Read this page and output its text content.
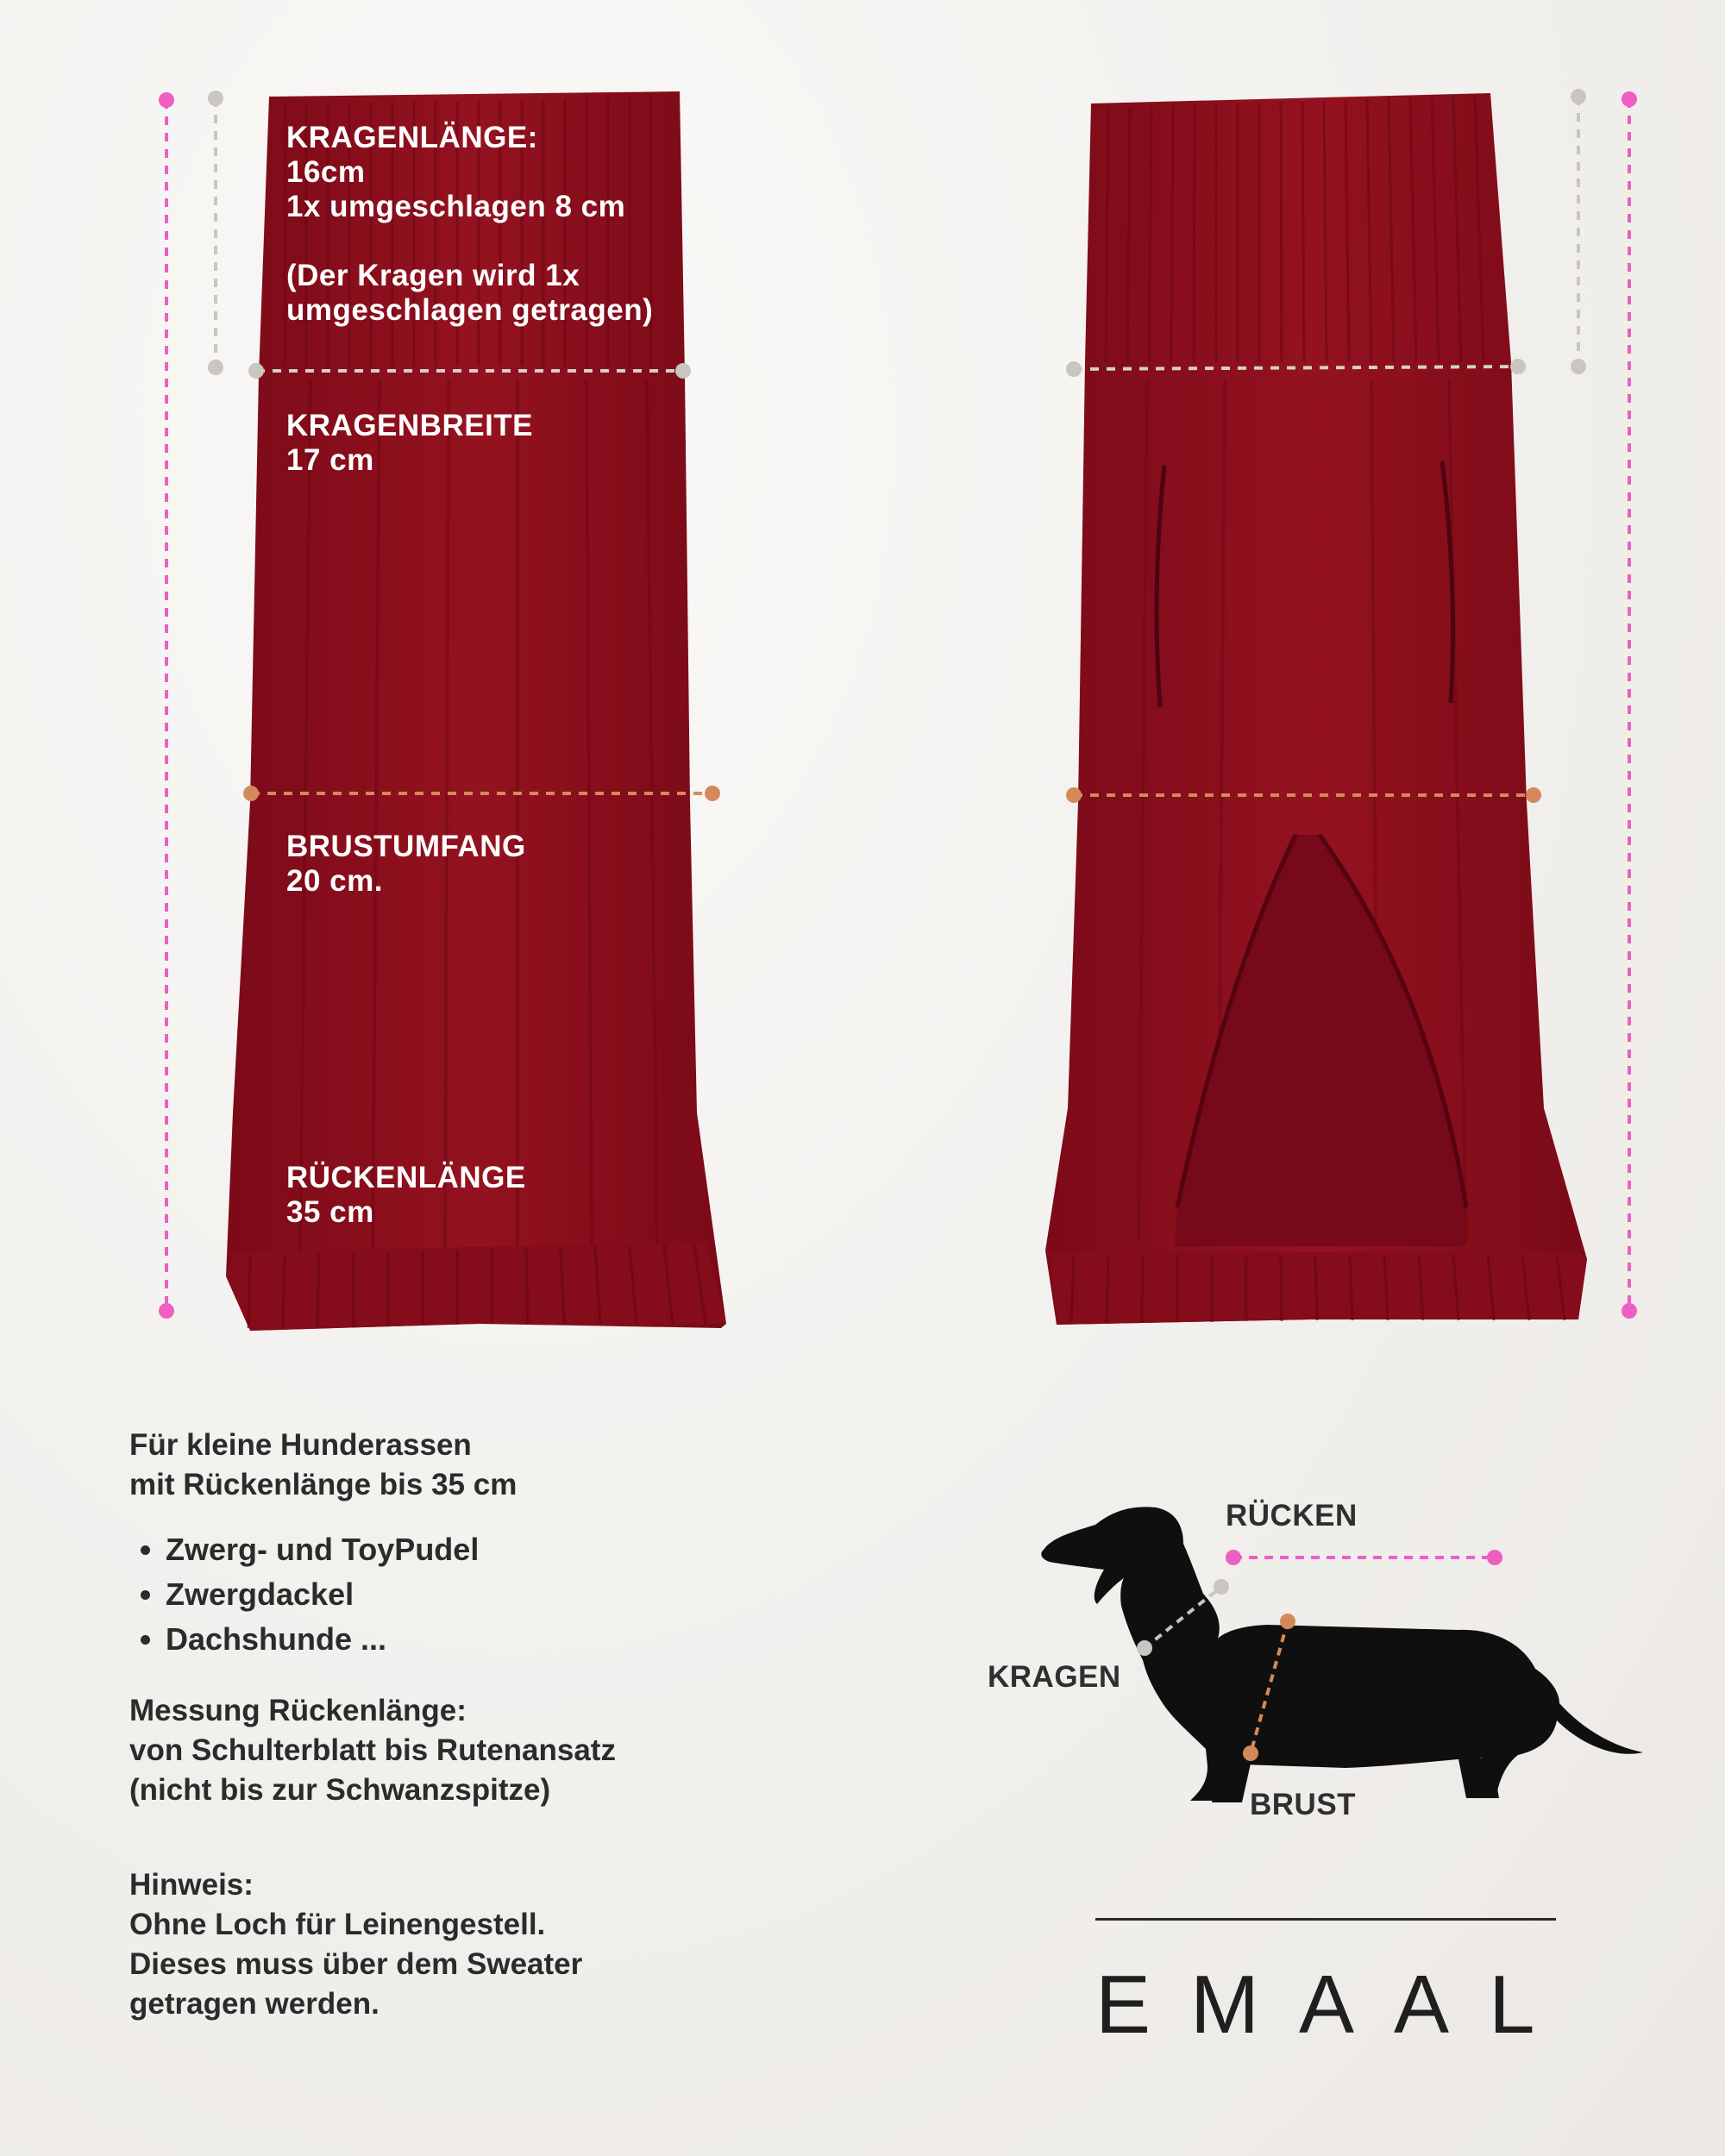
KRAGENLÄNGE:
16cm
1x umgeschlagen 8 cm

(Der Kragen wird 1x
umgeschlagen getragen)
KRAGENBREITE
17 cm
BRUSTUMFANG
20 cm.
RÜCKENLÄNGE
35 cm

Für kleine Hunderassen

mit Rückenlänge bis 35 cm

• Zwerg- und ToyPudel
• Zwergdackel
• Dachshunde ...

Messung Rückenlänge:

von Schulterblatt bis Rutenansatz

(nicht bis zur Schwanzspitze)

Hinweis:

Ohne Loch für Leinengestell.

Dieses muss über dem Sweater

getragen werden.

RÜCKEN
KRAGEN
BRUST
EMAAL
